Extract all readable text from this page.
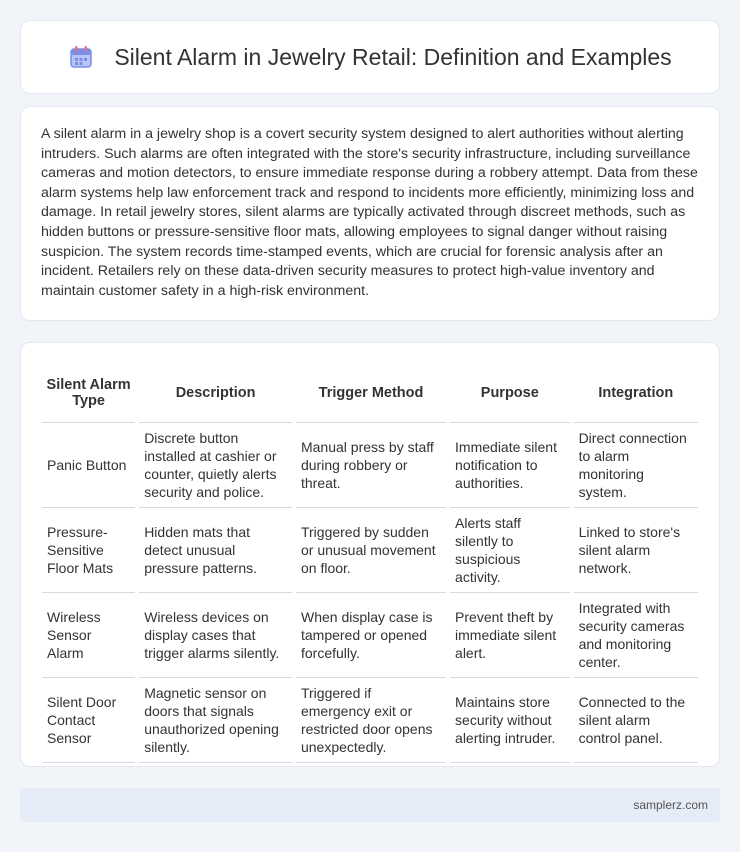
Silent Alarm in Jewelry Retail: Definition and Examples

A silent alarm in a jewelry shop is a covert security system designed to alert authorities without alerting intruders. Such alarms are often integrated with the store's security infrastructure, including surveillance cameras and motion detectors, to ensure immediate response during a robbery attempt. Data from these alarm systems help law enforcement track and respond to incidents more efficiently, minimizing loss and damage. In retail jewelry stores, silent alarms are typically activated through discreet methods, such as hidden buttons or pressure-sensitive floor mats, allowing employees to signal danger without raising suspicion. The system records time-stamped events, which are crucial for forensic analysis after an incident. Retailers rely on these data-driven security measures to protect high-value inventory and maintain customer safety in a high-risk environment.

Silent Alarm Type	Description	Trigger Method	Purpose	Integration
Panic Button	Discrete button installed at cashier or counter, quietly alerts security and police.	Manual press by staff during robbery or threat.	Immediate silent notification to authorities.	Direct connection to alarm monitoring system.
Pressure-Sensitive Floor Mats	Hidden mats that detect unusual pressure patterns.	Triggered by sudden or unusual movement on floor.	Alerts staff silently to suspicious activity.	Linked to store's silent alarm network.
Wireless Sensor Alarm	Wireless devices on display cases that trigger alarms silently.	When display case is tampered or opened forcefully.	Prevent theft by immediate silent alert.	Integrated with security cameras and monitoring center.
Silent Door Contact Sensor	Magnetic sensor on doors that signals unauthorized opening silently.	Triggered if emergency exit or restricted door opens unexpectedly.	Maintains store security without alerting intruder.	Connected to the silent alarm control panel.
samplerz.com
